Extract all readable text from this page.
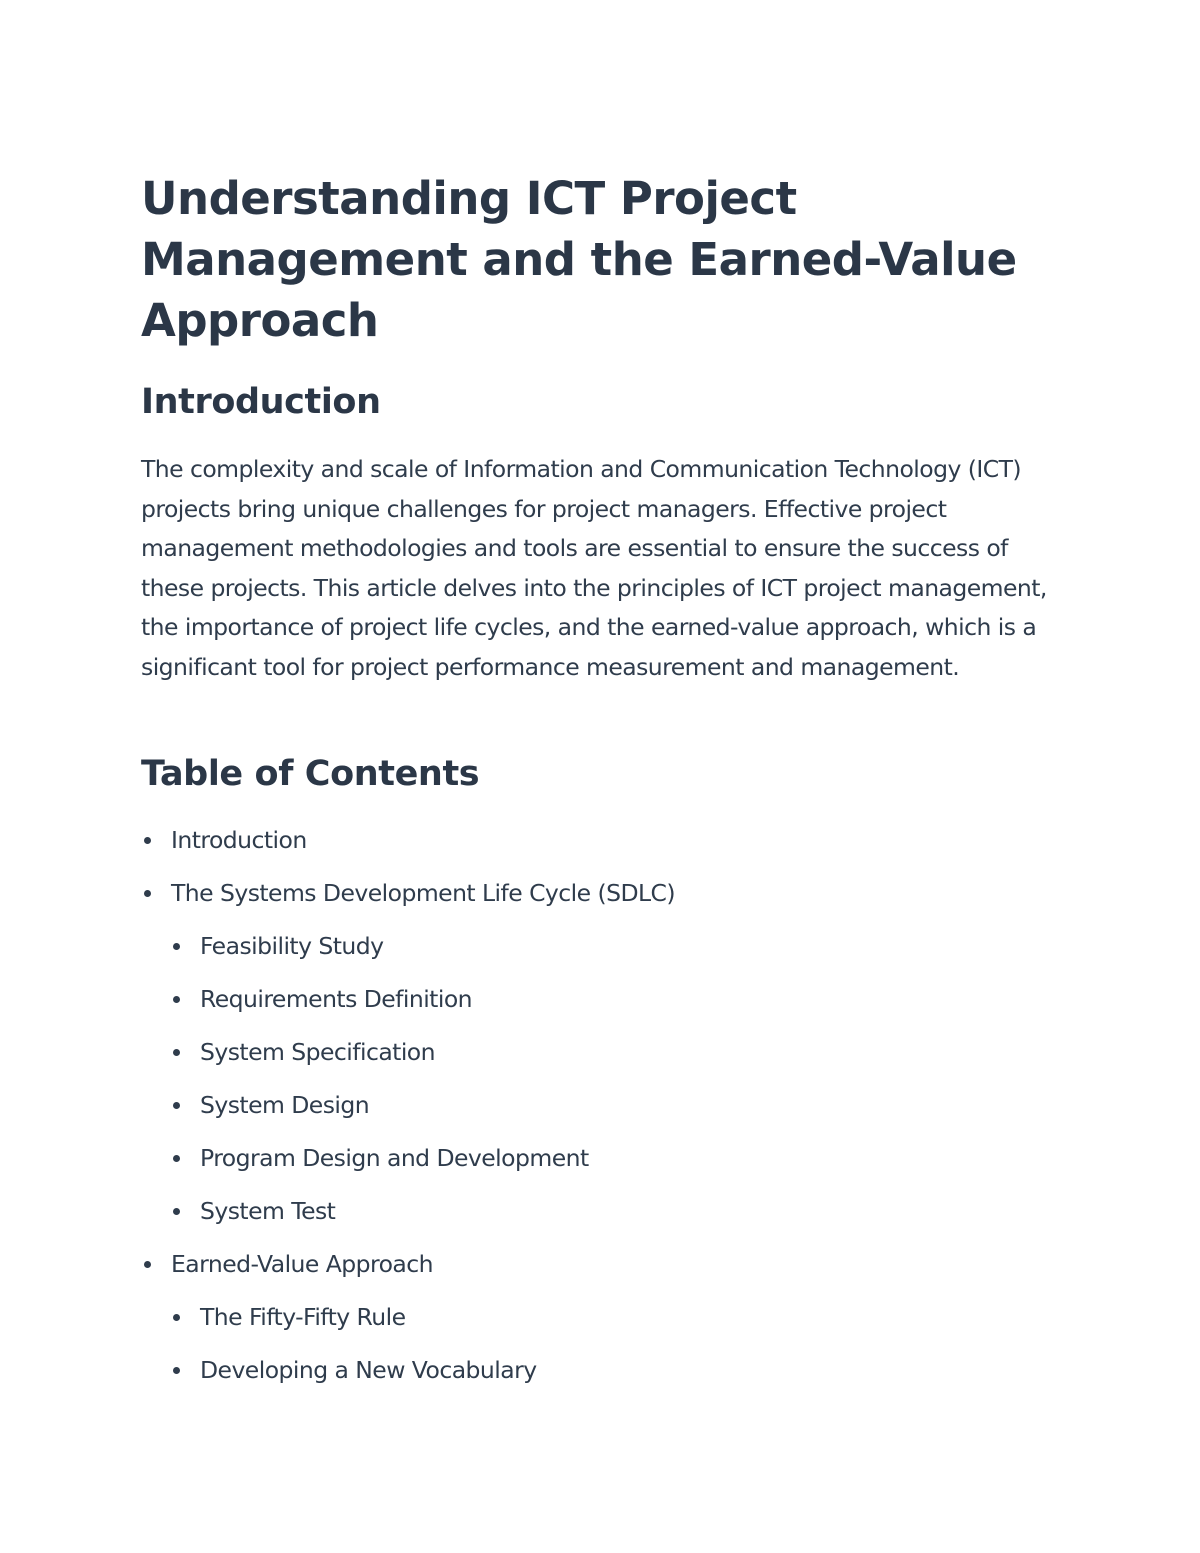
Understanding ICT Project Management and the Earned-Value Approach
Introduction

The complexity and scale of Information and Communication Technology (ICT) projects bring unique challenges for project managers. Effective project management methodologies and tools are essential to ensure the success of these projects. This article delves into the principles of ICT project management, the importance of project life cycles, and the earned-value approach, which is a significant tool for project performance measurement and management.

Table of Contents
Introduction
The Systems Development Life Cycle (SDLC)
Feasibility Study
Requirements Definition
System Specification
System Design
Program Design and Development
System Test
Earned-Value Approach
The Fifty-Fifty Rule
Developing a New Vocabulary
